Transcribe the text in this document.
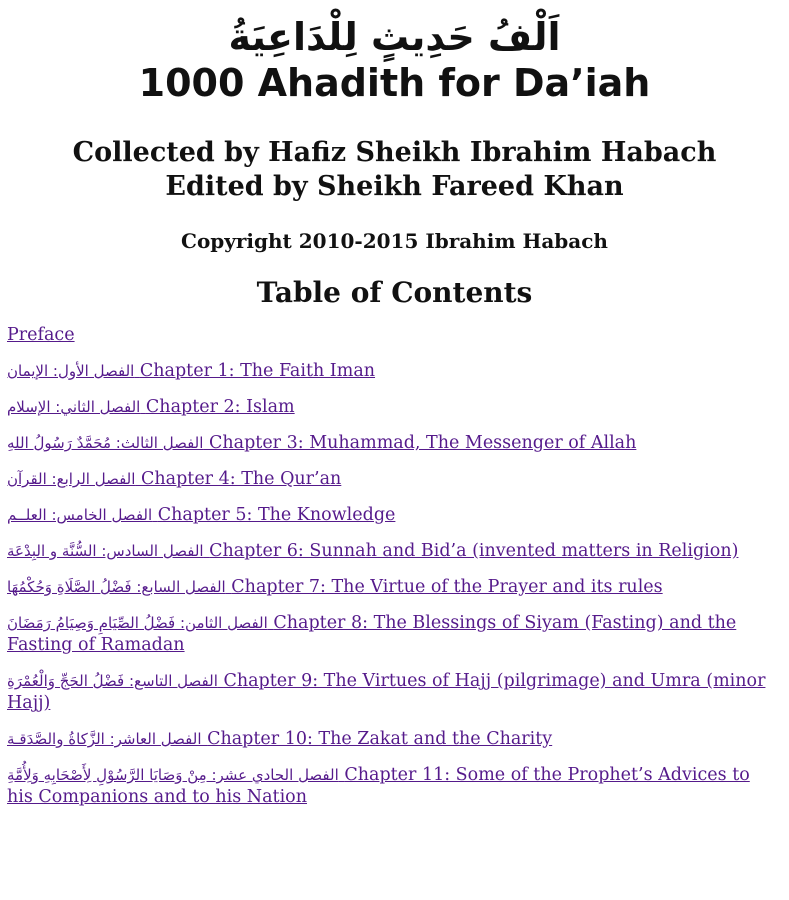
اَلْفُ حَدِيثٍ لِلْدَاعِيَةُ
1000 Ahadith for Da’iah
Collected by Hafiz Sheikh Ibrahim Habach
Edited by Sheikh Fareed Khan
Copyright 2010-2015 Ibrahim Habach
Table of Contents
Preface
الفصل الأول: الإيمان Chapter 1: The Faith Iman
الفصل الثاني: الإسلام Chapter 2: Islam
الفصل الثالث: مُحَمَّدٌ رَسُولُ اللهِ Chapter 3: Muhammad, The Messenger of Allah
الفصل الرابع: القرآن Chapter 4: The Qur’an
الفصل الخامس: العلــم Chapter 5: The Knowledge
الفصل السادس: السُّنَّة و البِدْعَة Chapter 6: Sunnah and Bid’a (invented matters in Religion)
الفصل السابع: فَضْلُ الصَّلَاةِ وَحُكْمُهَا Chapter 7: The Virtue of the Prayer and its rules
الفصل الثامن: فَضْلُ الصِّيَامِ وَصِيَامُ رَمَضَانَ Chapter 8: The Blessings of Siyam (Fasting) and the Fasting of Ramadan
الفصل التاسع: فَضْلُ الحَجِّ وَالْعُمْرَةِ Chapter 9: The Virtues of Hajj (pilgrimage) and Umra (minor Hajj)
الفصل العاشر: الزَّكاةُ والصَّدَقـة Chapter 10: The Zakat and the Charity
الفصل الحادي عشر: مِنْ وَصَايَا الرَّسُوْلِ لِأَصْحَابِهِ وَلِأُمَّةِ Chapter 11: Some of the Prophet’s Advices to his Companions and to his Nation
